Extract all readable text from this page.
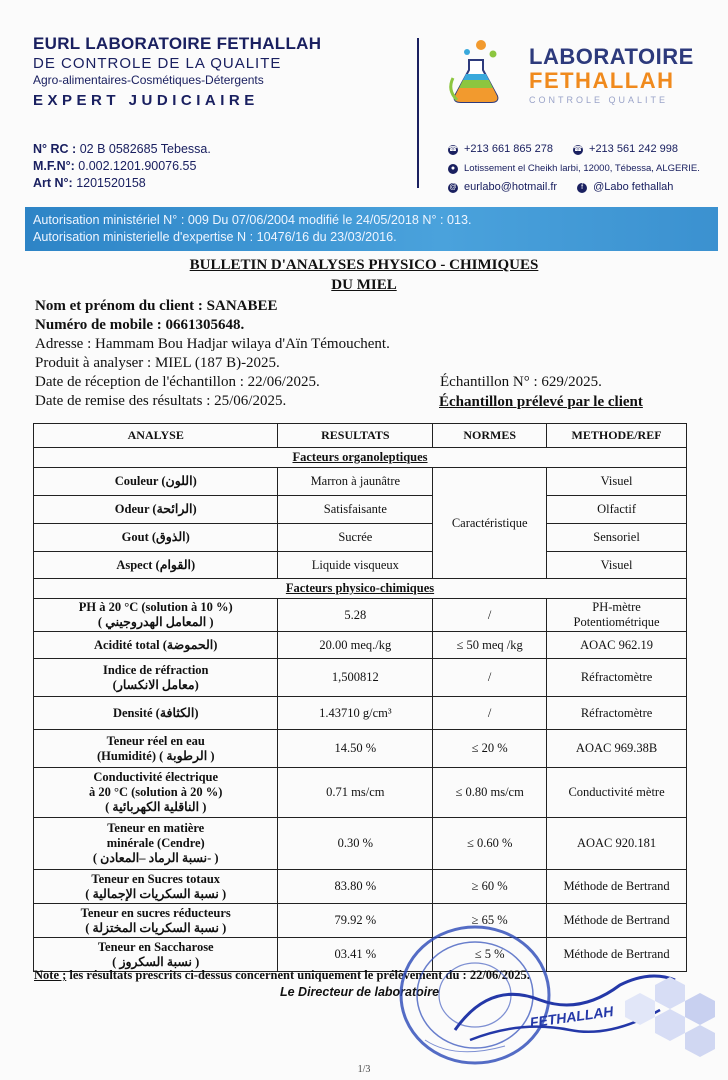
EURL LABORATOIRE FETHALLAH
DE CONTROLE DE LA QUALITE
Agro-alimentaires-Cosmétiques-Détergents
EXPERT JUDICIAIRE
N° RC : 02 B 0582685 Tebessa.
M.F.N°: 0.002.1201.90076.55
Art N°: 1201520158
LABORATOIRE
FETHALLAH
CONTROLE QUALITE
☎ +213 661 865 278	☎ +213 561 242 998
● Lotissement el Cheikh larbi, 12000, Tébessa, ALGERIE.
@ eurlabo@hotmail.fr	f @Labo fethallah
Autorisation ministériel N° : 009 Du 07/06/2004 modifié le 24/05/2018 N° : 013.
Autorisation ministerielle d'expertise N : 10476/16 du 23/03/2016.
BULLETIN D'ANALYSES PHYSICO - CHIMIQUES
DU MIEL
Nom et prénom du client : SANABEE
Numéro de mobile : 0661305648.
Adresse : Hammam Bou Hadjar wilaya d'Aïn Témouchent.
Produit à analyser : MIEL (187 B)-2025.
Date de réception de l'échantillon : 22/06/2025.
Date de remise des résultats : 25/06/2025.
Échantillon N° : 629/2025.
Échantillon prélevé par le client
ANALYSE	RESULTATS	NORMES	METHODE/REF
Facteurs organoleptiques			
Couleur (اللون)	Marron à jaunâtre	Caractéristique	Visuel
Odeur (الرائحة)	Satisfaisante		Olfactif
Gout (الذوق)	Sucrée		Sensoriel
Aspect (القوام)	Liquide visqueux		Visuel
Facteurs physico-chimiques			
PH à 20 °C (solution à 10 %)
( المعامل الهدروجيني )	5.28	/	PH-mètre
Potentiométrique
Acidité total (الحموضة)	20.00 meq./kg	≤ 50 meq /kg	AOAC 962.19
Indice de réfraction
(معامل الانكسار)	1,500812	/	Réfractomètre
Densité (الكثافة)	1.43710 g/cm³	/	Réfractomètre
Teneur réel en eau
(Humidité) ( الرطوبة )	14.50 %	≤ 20 %	AOAC 969.38B
Conductivité électrique
à 20 °C (solution à 20 %)
( الناقلية الكهربائية )	0.71 ms/cm	≤ 0.80 ms/cm	Conductivité mètre
Teneur en matière
minérale (Cendre)
( نسبة الرماد –المعادن- )	0.30 %	≤ 0.60 %	AOAC 920.181
Teneur en Sucres totaux
( نسبة السكريات الإجمالية )	83.80 %	≥ 60 %	Méthode de Bertrand
Teneur en sucres réducteurs
( نسبة السكريات المختزلة )	79.92 %	≥ 65 %	Méthode de Bertrand
Teneur en Saccharose
( نسبة السكروز )	03.41 %	≤ 5 %	Méthode de Bertrand
Note ; les résultats prescrits ci-dessus concernent uniquement le prélèvement du : 22/06/2025.
Le Directeur de laboratoire
FETHALLAH
1/3
